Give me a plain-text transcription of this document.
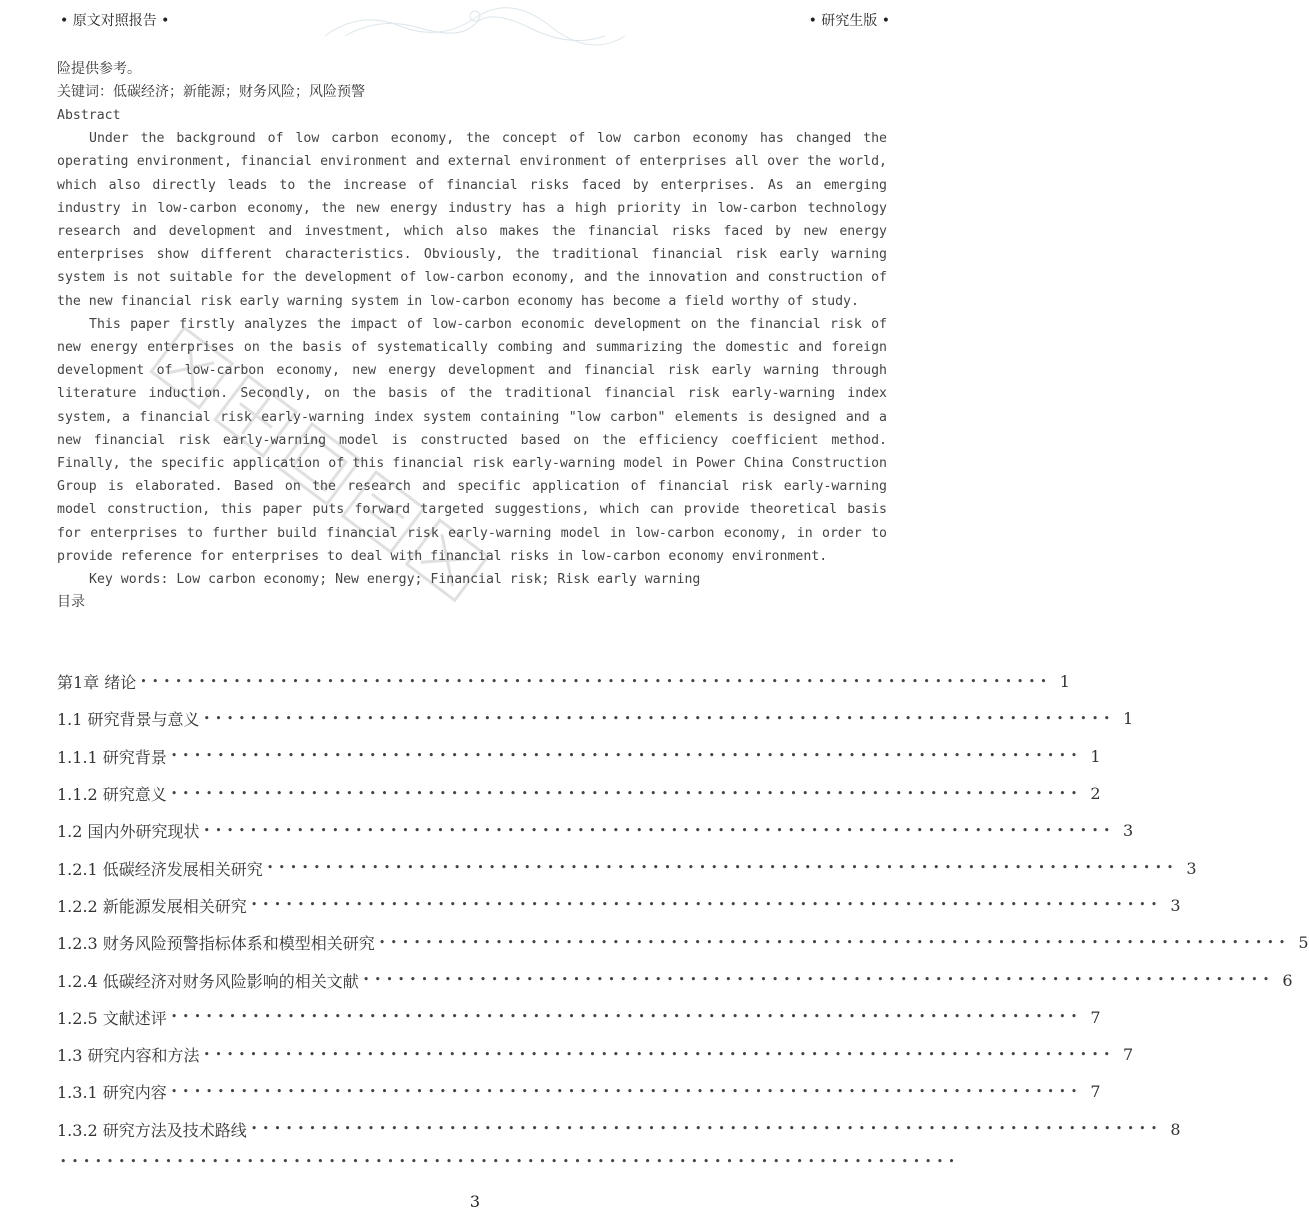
• 原文对照报告 •	• 研究生版 •
险提供参考。
关键词：低碳经济；新能源；财务风险；风险预警

Abstract

Under the background of low carbon economy, the concept of low carbon economy has changed the operating environment, financial environment and external environment of enterprises all over the world, which also directly leads to the increase of financial risks faced by enterprises. As an emerging industry in low-carbon economy, the new energy industry has a high priority in low-carbon technology research and development and investment, which also makes the financial risks faced by new energy enterprises show different characteristics. Obviously, the traditional financial risk early warning system is not suitable for the development of low-carbon economy, and the innovation and construction of the new financial risk early warning system in low-carbon economy has become a field worthy of study.

This paper firstly analyzes the impact of low-carbon economic development on the financial risk of new energy enterprises on the basis of systematically combing and summarizing the domestic and foreign development of low-carbon economy, new energy development and financial risk early warning through literature induction. Secondly, on the basis of the traditional financial risk early-warning index system, a financial risk early-warning index system containing "low carbon" elements is designed and a new financial risk early-warning model is constructed based on the efficiency coefficient method. Finally, the specific application of this financial risk early-warning model in Power China Construction Group is elaborated. Based on the research and specific application of financial risk early-warning model construction, this paper puts forward targeted suggestions, which can provide theoretical basis for enterprises to further build financial risk early-warning model in low-carbon economy, in order to provide reference for enterprises to deal with financial risks in low-carbon economy environment.

Key words: Low carbon economy; New energy; Financial risk; Risk early warning

目录
第1章 绪论 •••••••••••••••••••••••••••••••••••••••••••••••••••••••••••••••••••••••••••••• 1
1.1 研究背景与意义 •••••••••••••••••••••••••••••••••••••••••••••••••••••••••••••••••••••••••••••• 1
1.1.1 研究背景 •••••••••••••••••••••••••••••••••••••••••••••••••••••••••••••••••••••••••••••• 1
1.1.2 研究意义 •••••••••••••••••••••••••••••••••••••••••••••••••••••••••••••••••••••••••••••• 2
1.2 国内外研究现状 •••••••••••••••••••••••••••••••••••••••••••••••••••••••••••••••••••••••••••••• 3
1.2.1 低碳经济发展相关研究 •••••••••••••••••••••••••••••••••••••••••••••••••••••••••••••••••••••••••••••• 3
1.2.2 新能源发展相关研究 •••••••••••••••••••••••••••••••••••••••••••••••••••••••••••••••••••••••••••••• 3
1.2.3 财务风险预警指标体系和模型相关研究 •••••••••••••••••••••••••••••••••••••••••••••••••••••••••••••••••••••••••••••• 5
1.2.4 低碳经济对财务风险影响的相关文献 •••••••••••••••••••••••••••••••••••••••••••••••••••••••••••••••••••••••••••••• 6
1.2.5 文献述评 •••••••••••••••••••••••••••••••••••••••••••••••••••••••••••••••••••••••••••••• 7
1.3 研究内容和方法 •••••••••••••••••••••••••••••••••••••••••••••••••••••••••••••••••••••••••••••• 7
1.3.1 研究内容 •••••••••••••••••••••••••••••••••••••••••••••••••••••••••••••••••••••••••••••• 7
1.3.2 研究方法及技术路线 •••••••••••••••••••••••••••••••••••••••••••••••••••••••••••••••••••••••••••••• 8
•••••••••••••••••••••••••••••••••••••••••••••••••••••••••••••••••••••••••••••
3
